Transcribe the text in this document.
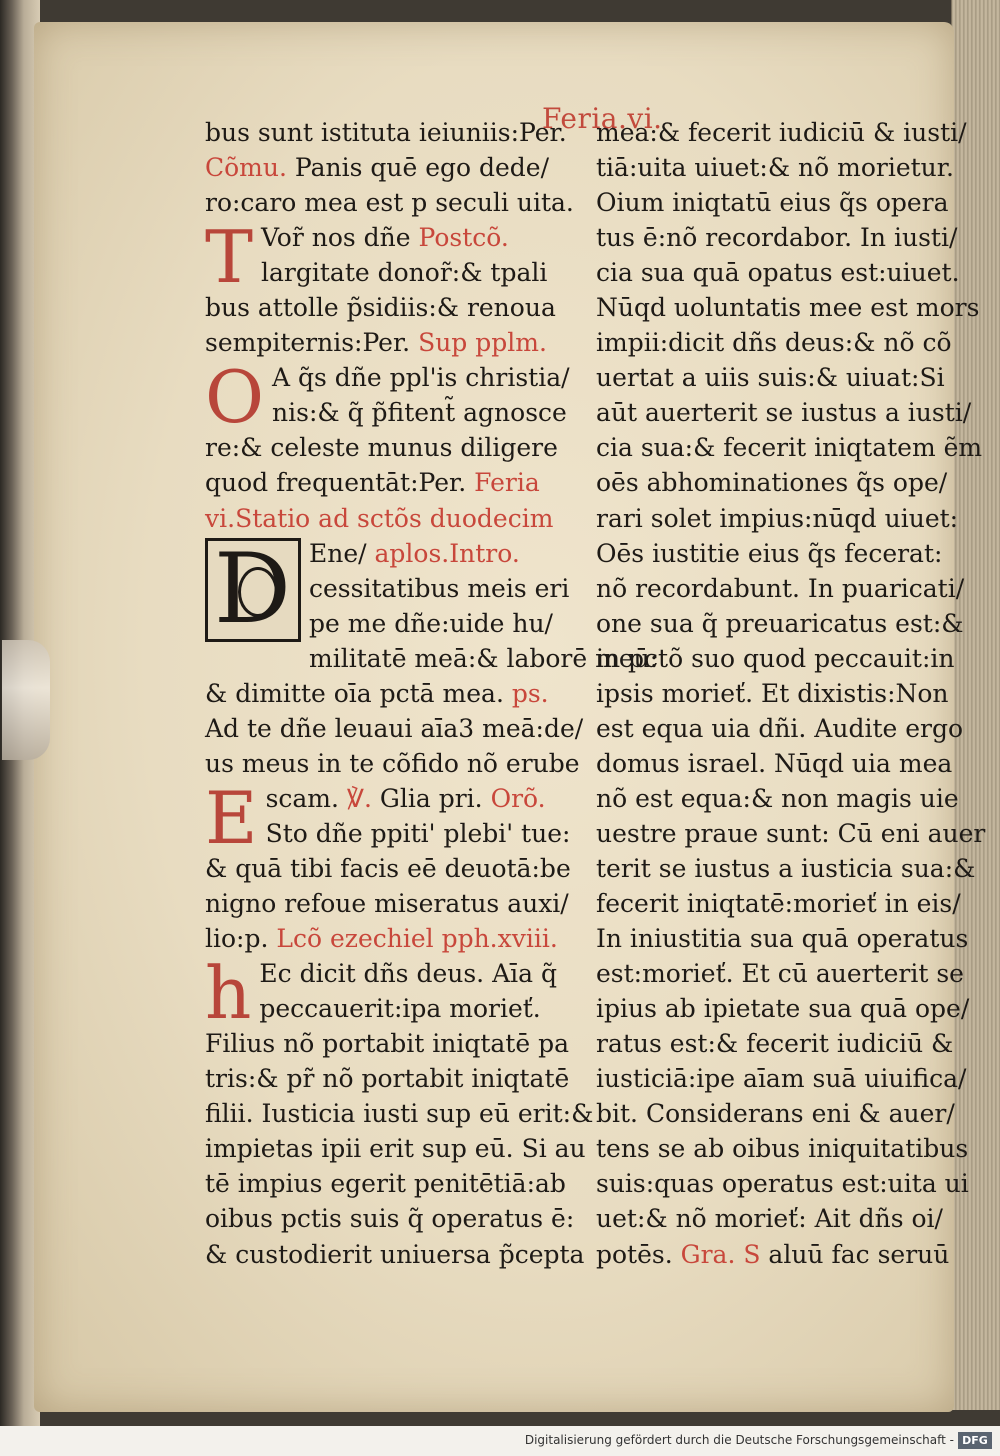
Feria.vi.
bus sunt istituta ieiuniis:Per.
Cõmu. Panis quē ego dede/
ro:caro mea est p seculi uita.
T Vor̃ nos dñe Postcõ.
largitate donor̃:& tpali
bus attolle p̃sidiis:& renoua
sempiternis:Per. Sup pplm.
O A q̃s dñe ppl'is christia/
nis:& q̃ p̃fitent̃ agnosce
re:& celeste munus diligere
quod frequentāt:Per. Feria
vi.Statio ad sctõs duodecim
D Ene/ aplos.Intro.
cessitatibus meis eri
pe me dñe:uide hu/
militatē meā:& laborē meū:
& dimitte oīa pctā mea. ps.
Ad te dñe leuaui aīa3 meā:de/
us meus in te cõfido nõ erube
E scam. ℣. Glia pri. Orõ.
Sto dñe ppiti' plebi' tue:
& quā tibi facis eē deuotā:be
nigno refoue miseratus auxi/
lio:p. Lcõ ezechiel pph.xviii.
h Ec dicit dñs deus. Aīa q̃
peccauerit:ipa morieť.
Filius nõ portabit iniqtatē pa
tris:& pr̃ nõ portabit iniqtatē
filii. Iusticia iusti sup eū erit:&
impietas ipii erit sup eū. Si au
tē impius egerit penitētiā:ab
oibus pctis suis q̃ operatus ē:
& custodierit uniuersa p̃cepta
mea:& fecerit iudiciū & iusti/
tiā:uita uiuet:& nõ morietur.
Oium iniqtatū eius q̃s opera
tus ē:nõ recordabor. In iusti/
cia sua quā opatus est:uiuet.
Nūqd uoluntatis mee est mors
impii:dicit dñs deus:& nõ cõ
uertat a uiis suis:& uiuat:Si
aūt auerterit se iustus a iusti/
cia sua:& fecerit iniqtatem ẽm
oēs abhominationes q̃s ope/
rari solet impius:nūqd uiuet:
Oēs iustitie eius q̃s fecerat:
nõ recordabunt. In puaricati/
one sua q̃ preuaricatus est:&
in pctõ suo quod peccauit:in
ipsis morieť. Et dixistis:Non
est equa uia dñi. Audite ergo
domus israel. Nūqd uia mea
nõ est equa:& non magis uie
uestre praue sunt: Cū eni auer
terit se iustus a iusticia sua:&
fecerit iniqtatē:morieť in eis/
In iniustitia sua quā operatus
est:morieť. Et cū auerterit se
ipius ab ipietate sua quā ope/
ratus est:& fecerit iudiciū &
iusticiā:ipe aīam suā uiuifica/
bit. Considerans eni & auer/
tens se ab oibus iniquitatibus
suis:quas operatus est:uita ui
uet:& nõ morieť: Ait dñs oi/
potēs. Gra. S aluū fac seruū
Digitalisierung gefördert durch die Deutsche Forschungsgemeinschaft - DFG
